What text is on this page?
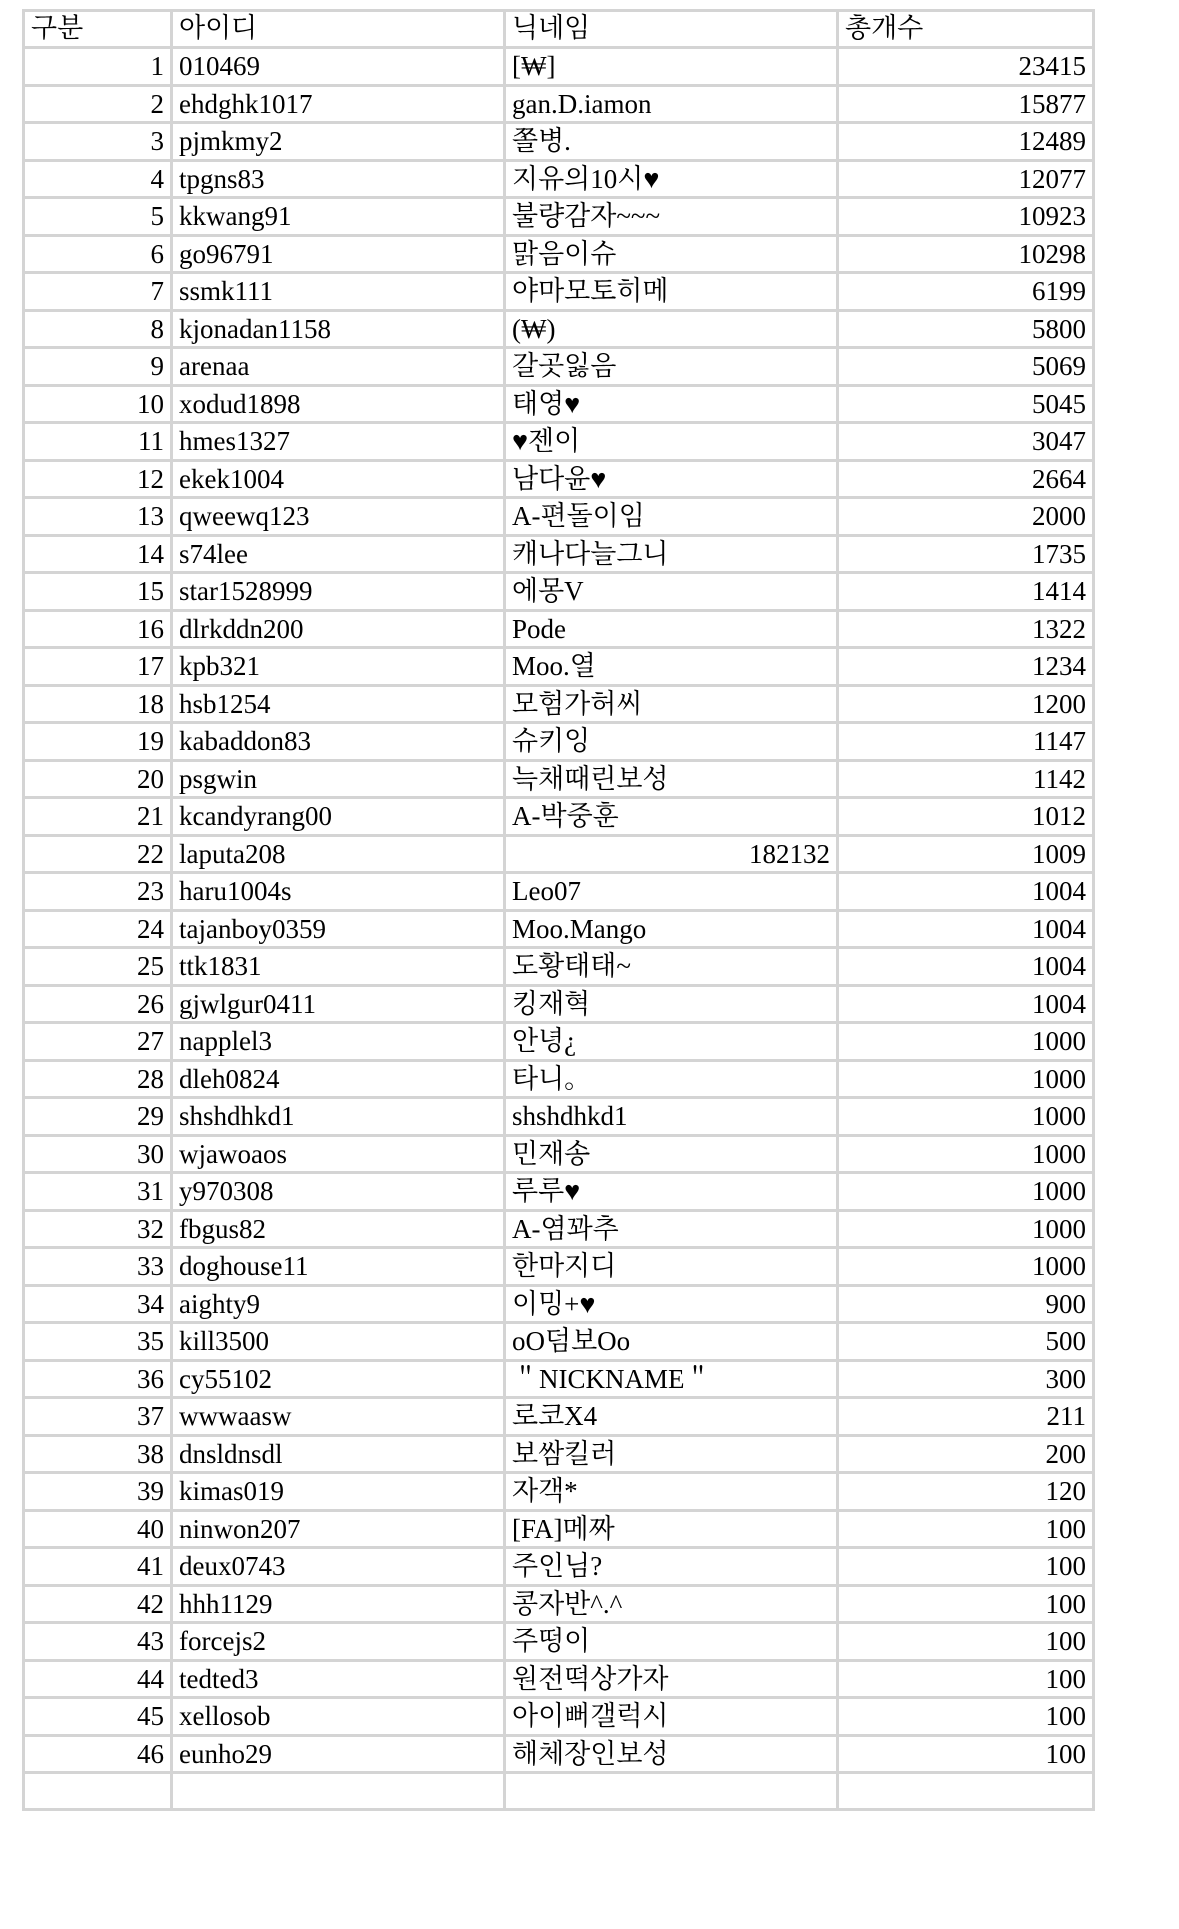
구분	아이디	닉네임	총개수
1	010469	[₩]	23415
2	ehdghk1017	gan.D.iamon	15877
3	pjmkmy2	쫄병.	12489
4	tpgns83	지유의10시♥	12077
5	kkwang91	불량감자~~~	10923
6	go96791	맑음이슈	10298
7	ssmk111	야마모토히메	6199
8	kjonadan1158	(₩)	5800
9	arenaa	갈곳잃음	5069
10	xodud1898	태영♥	5045
11	hmes1327	♥젠이	3047
12	ekek1004	남다윤♥	2664
13	qweewq123	A-편돌이임	2000
14	s74lee	캐나다늘그니	1735
15	star1528999	에몽V	1414
16	dlrkddn200	Pode	1322
17	kpb321	Moo.열	1234
18	hsb1254	모험가허씨	1200
19	kabaddon83	슈키잉	1147
20	psgwin	늑채때린보성	1142
21	kcandyrang00	A-박중훈	1012
22	laputa208	182132	1009
23	haru1004s	Leo07	1004
24	tajanboy0359	Moo.Mango	1004
25	ttk1831	도황태태~	1004
26	gjwlgur0411	킹재혁	1004
27	napplel3	안녕¿	1000
28	dleh0824	타니。	1000
29	shshdhkd1	shshdhkd1	1000
30	wjawoaos	민재송	1000
31	y970308	루루♥	1000
32	fbgus82	A-염꽈추	1000
33	doghouse11	한마지디	1000
34	aighty9	이밍+♥	900
35	kill3500	oO덤보Oo	500
36	cy55102	＂NICKNAME＂	300
37	wwwaasw	로코X4	211
38	dnsldnsdl	보쌈킬러	200
39	kimas019	자객*	120
40	ninwon207	[FA]메짜	100
41	deux0743	주인님?	100
42	hhh1129	콩자반^.^	100
43	forcejs2	주떵이	100
44	tedted3	원전떡상가자	100
45	xellosob	아이뻐갤럭시	100
46	eunho29	해체장인보성	100
